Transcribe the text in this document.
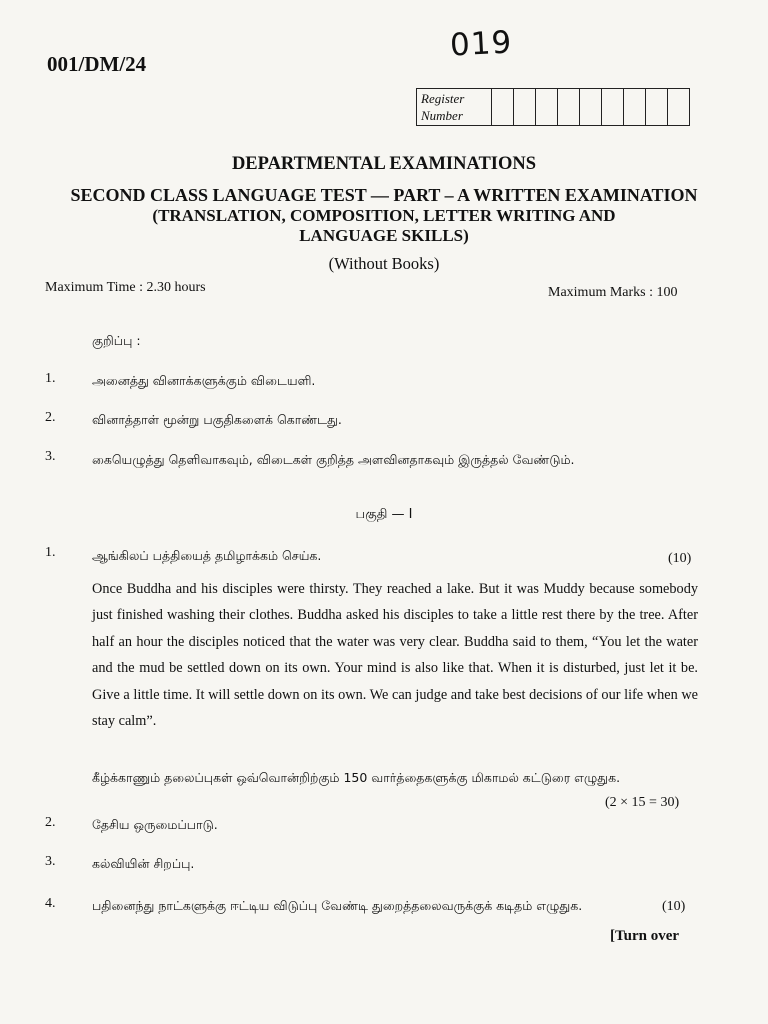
001/DM/24
019
Register
Number									
DEPARTMENTAL EXAMINATIONS
SECOND CLASS LANGUAGE TEST — PART – A WRITTEN EXAMINATION
(TRANSLATION, COMPOSITION, LETTER WRITING AND
LANGUAGE SKILLS)
(Without Books)
Maximum Time : 2.30 hours	Maximum Marks : 100
குறிப்பு :
1.	அனைத்து வினாக்களுக்கும் விடையளி.
2.	வினாத்தாள் மூன்று பகுதிகளைக் கொண்டது.
3.	கையெழுத்து தெளிவாகவும், விடைகள் குறித்த அளவினதாகவும் இருத்தல் வேண்டும்.
பகுதி — I
1.	ஆங்கிலப் பத்தியைத் தமிழாக்கம் செய்க.	(10)
Once Buddha and his disciples were thirsty. They reached a lake. But it was Muddy because somebody just finished washing their clothes. Buddha asked his disciples to take a little rest there by the tree. After half an hour the disciples noticed that the water was very clear. Buddha said to them, “You let the water and the mud be settled down on its own. Your mind is also like that. When it is disturbed, just let it be. Give a little time. It will settle down on its own. We can judge and take best decisions of our life when we stay calm”.
கீழ்க்காணும் தலைப்புகள் ஒவ்வொன்றிற்கும் 150 வார்த்தைகளுக்கு மிகாமல் கட்டுரை எழுதுக.
(2 × 15 = 30)
2.	தேசிய ஒருமைப்பாடு.
3.	கல்வியின் சிறப்பு.
4.	பதினைந்து நாட்களுக்கு ஈட்டிய விடுப்பு வேண்டி துறைத்தலைவருக்குக் கடிதம் எழுதுக.	(10)
[Turn over
